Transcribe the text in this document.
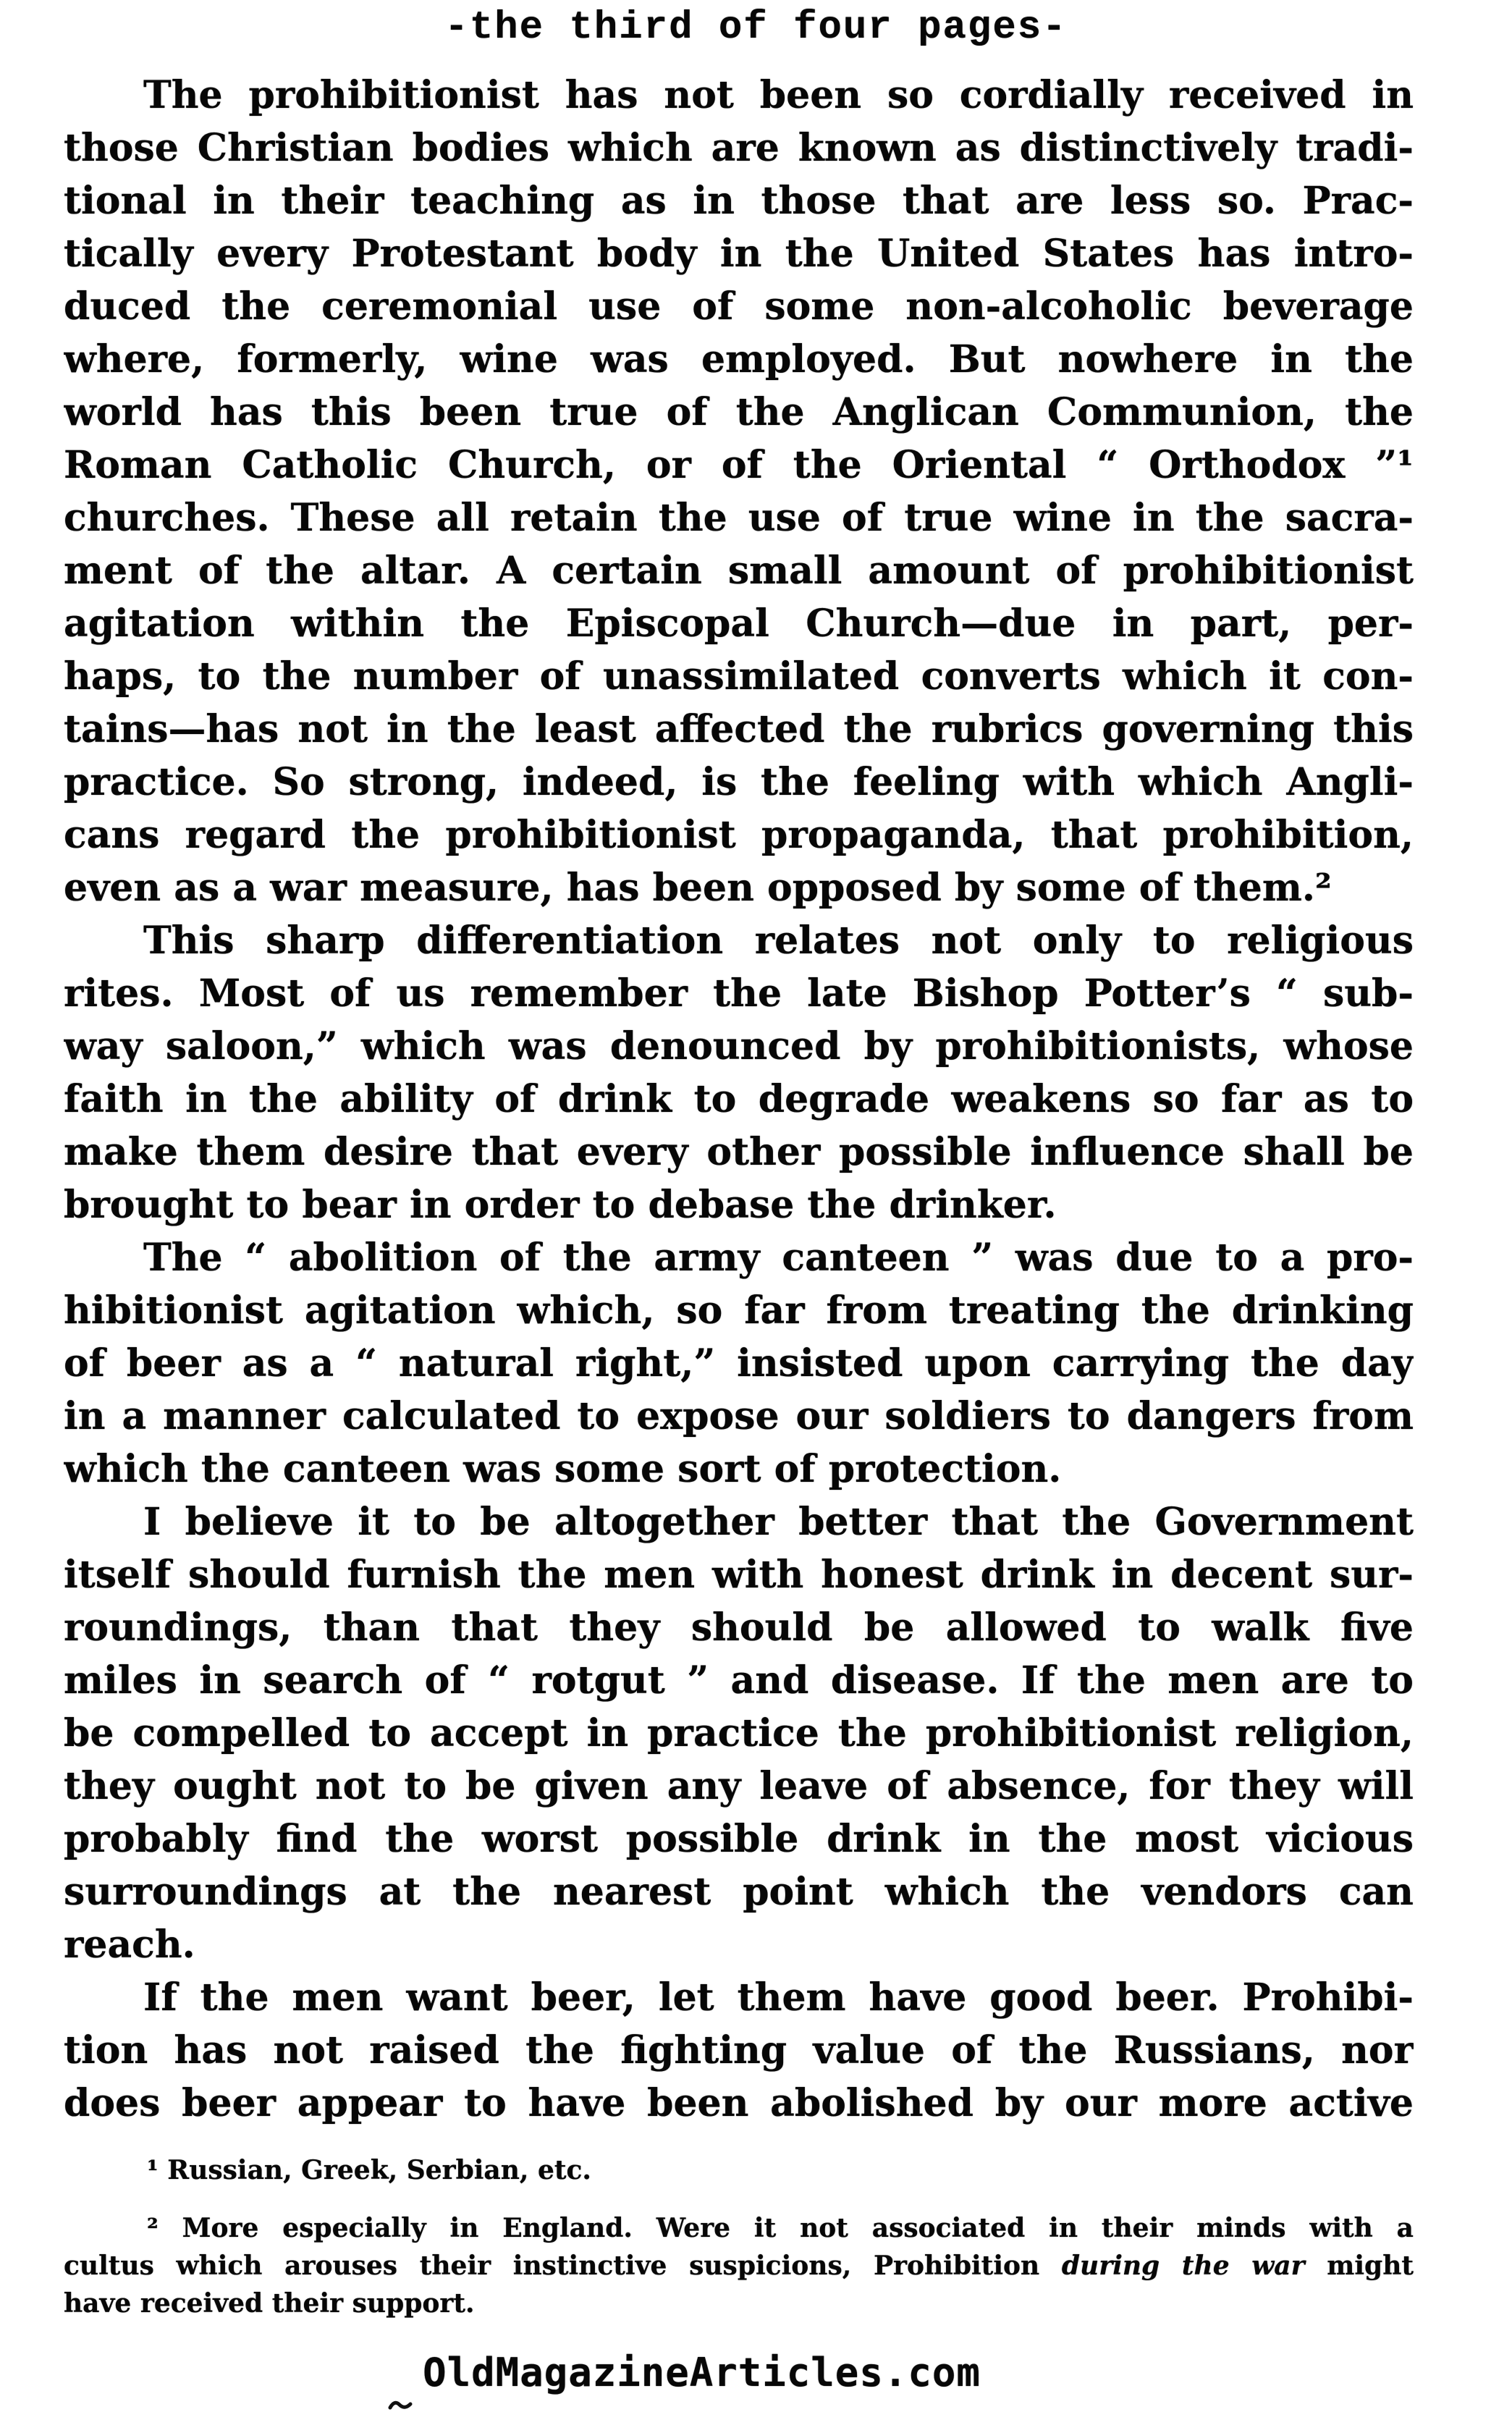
-the third of four pages-
The prohibitionist has not been so cordially received in
those Christian bodies which are known as distinctively tradi-
tional in their teaching as in those that are less so. Prac-
tically every Protestant body in the United States has intro-
duced the ceremonial use of some non-alcoholic beverage
where, formerly, wine was employed. But nowhere in the
world has this been true of the Anglican Communion, the
Roman Catholic Church, or of the Oriental “ Orthodox ”¹
churches. These all retain the use of true wine in the sacra-
ment of the altar. A certain small amount of prohibitionist
agitation within the Episcopal Church—due in part, per-
haps, to the number of unassimilated converts which it con-
tains—has not in the least affected the rubrics governing this
practice. So strong, indeed, is the feeling with which Angli-
cans regard the prohibitionist propaganda, that prohibition,
even as a war measure, has been opposed by some of them.²
This sharp differentiation relates not only to religious
rites. Most of us remember the late Bishop Potter’s “ sub-
way saloon,” which was denounced by prohibitionists, whose
faith in the ability of drink to degrade weakens so far as to
make them desire that every other possible influence shall be
brought to bear in order to debase the drinker.
The “ abolition of the army canteen ” was due to a pro-
hibitionist agitation which, so far from treating the drinking
of beer as a “ natural right,” insisted upon carrying the day
in a manner calculated to expose our soldiers to dangers from
which the canteen was some sort of protection.
I believe it to be altogether better that the Government
itself should furnish the men with honest drink in decent sur-
roundings, than that they should be allowed to walk five
miles in search of “ rotgut ” and disease. If the men are to
be compelled to accept in practice the prohibitionist religion,
they ought not to be given any leave of absence, for they will
probably find the worst possible drink in the most vicious
surroundings at the nearest point which the vendors can
reach.
If the men want beer, let them have good beer. Prohibi-
tion has not raised the fighting value of the Russians, nor
does beer appear to have been abolished by our more active
¹ Russian, Greek, Serbian, etc.
² More especially in England. Were it not associated in their minds with a
cultus which arouses their instinctive suspicions, Prohibition during the war might
have received their support.
OldMagazineArticles.com
